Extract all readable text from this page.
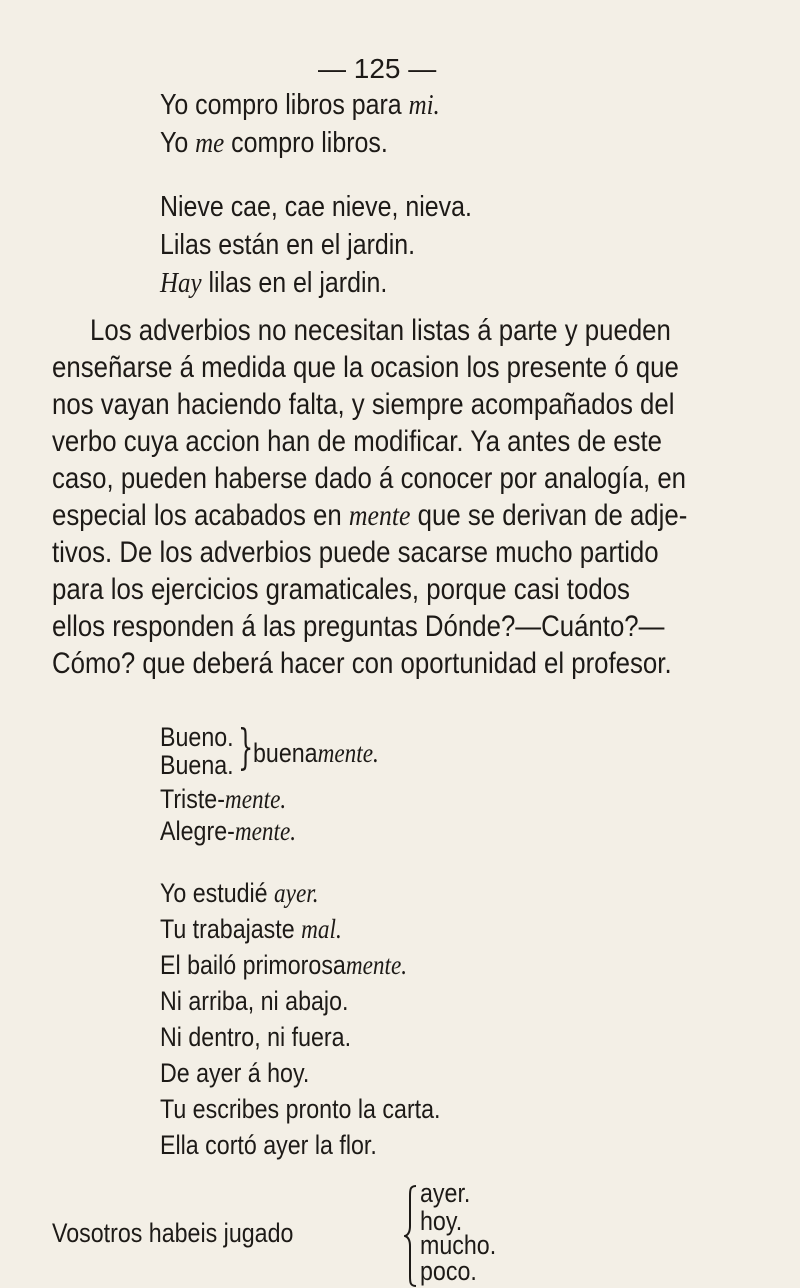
— 125 —
Yo compro libros para mi.
Yo me compro libros.
Nieve cae, cae nieve, nieva.
Lilas están en el jardin.
Hay lilas en el jardin.
Los adverbios no necesitan listas á parte y pueden
enseñarse á medida que la ocasion los presente ó que
nos vayan haciendo falta, y siempre acompañados del
verbo cuya accion han de modificar. Ya antes de este
caso, pueden haberse dado á conocer por analogía, en
especial los acabados en mente que se derivan de adje-
tivos. De los adverbios puede sacarse mucho partido
para los ejercicios gramaticales, porque casi todos
ellos responden á las preguntas Dónde?—Cuánto?—
Cómo? que deberá hacer con oportunidad el profesor.
Bueno.
Buena. } buenamente.
Triste-mente.
Alegre-mente.
Yo estudié ayer.
Tu trabajaste mal.
El bailó primorosamente.
Ni arriba, ni abajo.
Ni dentro, ni fuera.
De ayer á hoy.
Tu escribes pronto la carta.
Ella cortó ayer la flor.
Vosotros habeis jugado
ayer.
hoy.
mucho.
poco.
